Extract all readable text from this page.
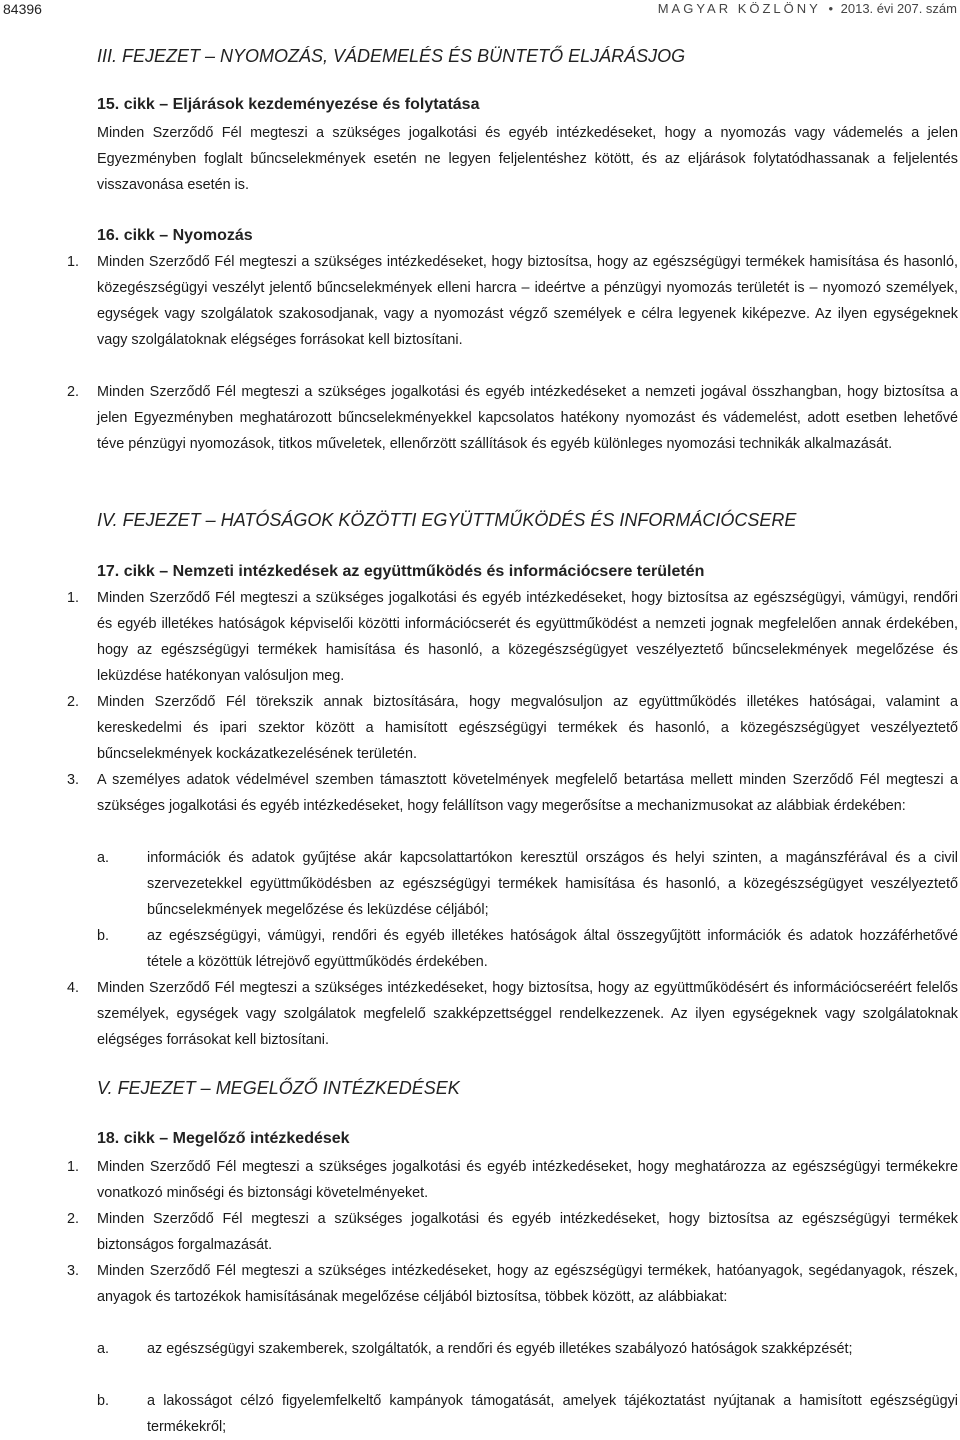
84396	MAGYAR KÖZLÖNY • 2013. évi 207. szám
III. FEJEZET – NYOMOZÁS, VÁDEMELÉS ÉS BÜNTETŐ ELJÁRÁSJOG
15. cikk – Eljárások kezdeményezése és folytatása
Minden Szerződő Fél megteszi a szükséges jogalkotási és egyéb intézkedéseket, hogy a nyomozás vagy vádemelés a jelen Egyezményben foglalt bűncselekmények esetén ne legyen feljelentéshez kötött, és az eljárások folytatódhassanak a feljelentés visszavonása esetén is.
16. cikk – Nyomozás
1.	Minden Szerződő Fél megteszi a szükséges intézkedéseket, hogy biztosítsa, hogy az egészségügyi termékek hamisítása és hasonló, közegészségügyi veszélyt jelentő bűncselekmények elleni harcra – ideértve a pénzügyi nyomozás területét is – nyomozó személyek, egységek vagy szolgálatok szakosodjanak, vagy a nyomozást végző személyek e célra legyenek kiképezve. Az ilyen egységeknek vagy szolgálatoknak elégséges forrásokat kell biztosítani.
2.	Minden Szerződő Fél megteszi a szükséges jogalkotási és egyéb intézkedéseket a nemzeti jogával összhangban, hogy biztosítsa a jelen Egyezményben meghatározott bűncselekményekkel kapcsolatos hatékony nyomozást és vádemelést, adott esetben lehetővé téve pénzügyi nyomozások, titkos műveletek, ellenőrzött szállítások és egyéb különleges nyomozási technikák alkalmazását.
IV. FEJEZET – HATÓSÁGOK KÖZÖTTI EGYÜTTMŰKÖDÉS ÉS INFORMÁCIÓCSERE
17. cikk – Nemzeti intézkedések az együttműködés és információcsere területén
1.	Minden Szerződő Fél megteszi a szükséges jogalkotási és egyéb intézkedéseket, hogy biztosítsa az egészségügyi, vámügyi, rendőri és egyéb illetékes hatóságok képviselői közötti információcserét és együttműködést a nemzeti jognak megfelelően annak érdekében, hogy az egészségügyi termékek hamisítása és hasonló, a közegészségügyet veszélyeztető bűncselekmények megelőzése és leküzdése hatékonyan valósuljon meg.
2.	Minden Szerződő Fél törekszik annak biztosítására, hogy megvalósuljon az együttműködés illetékes hatóságai, valamint a kereskedelmi és ipari szektor között a hamisított egészségügyi termékek és hasonló, a közegészségügyet veszélyeztető bűncselekmények kockázatkezelésének területén.
3.	A személyes adatok védelmével szemben támasztott követelmények megfelelő betartása mellett minden Szerződő Fél megteszi a szükséges jogalkotási és egyéb intézkedéseket, hogy felállítson vagy megerősítse a mechanizmusokat az alábbiak érdekében:
a.	információk és adatok gyűjtése akár kapcsolattartókon keresztül országos és helyi szinten, a magánszférával és a civil szervezetekkel együttműködésben az egészségügyi termékek hamisítása és hasonló, a közegészségügyet veszélyeztető bűncselekmények megelőzése és leküzdése céljából;
b.	az egészségügyi, vámügyi, rendőri és egyéb illetékes hatóságok által összegyűjtött információk és adatok hozzáférhetővé tétele a közöttük létrejövő együttműködés érdekében.
4.	Minden Szerződő Fél megteszi a szükséges intézkedéseket, hogy biztosítsa, hogy az együttműködésért és információcseréért felelős személyek, egységek vagy szolgálatok megfelelő szakképzettséggel rendelkezzenek. Az ilyen egységeknek vagy szolgálatoknak elégséges forrásokat kell biztosítani.
V. FEJEZET – MEGELŐZŐ INTÉZKEDÉSEK
18. cikk – Megelőző intézkedések
1.	Minden Szerződő Fél megteszi a szükséges jogalkotási és egyéb intézkedéseket, hogy meghatározza az egészségügyi termékekre vonatkozó minőségi és biztonsági követelményeket.
2.	Minden Szerződő Fél megteszi a szükséges jogalkotási és egyéb intézkedéseket, hogy biztosítsa az egészségügyi termékek biztonságos forgalmazását.
3.	Minden Szerződő Fél megteszi a szükséges intézkedéseket, hogy az egészségügyi termékek, hatóanyagok, segédanyagok, részek, anyagok és tartozékok hamisításának megelőzése céljából biztosítsa, többek között, az alábbiakat:
a.	az egészségügyi szakemberek, szolgáltatók, a rendőri és egyéb illetékes szabályozó hatóságok szakképzését;
b.	a lakosságot célzó figyelemfelkeltő kampányok támogatását, amelyek tájékoztatást nyújtanak a hamisított egészségügyi termékekről;
